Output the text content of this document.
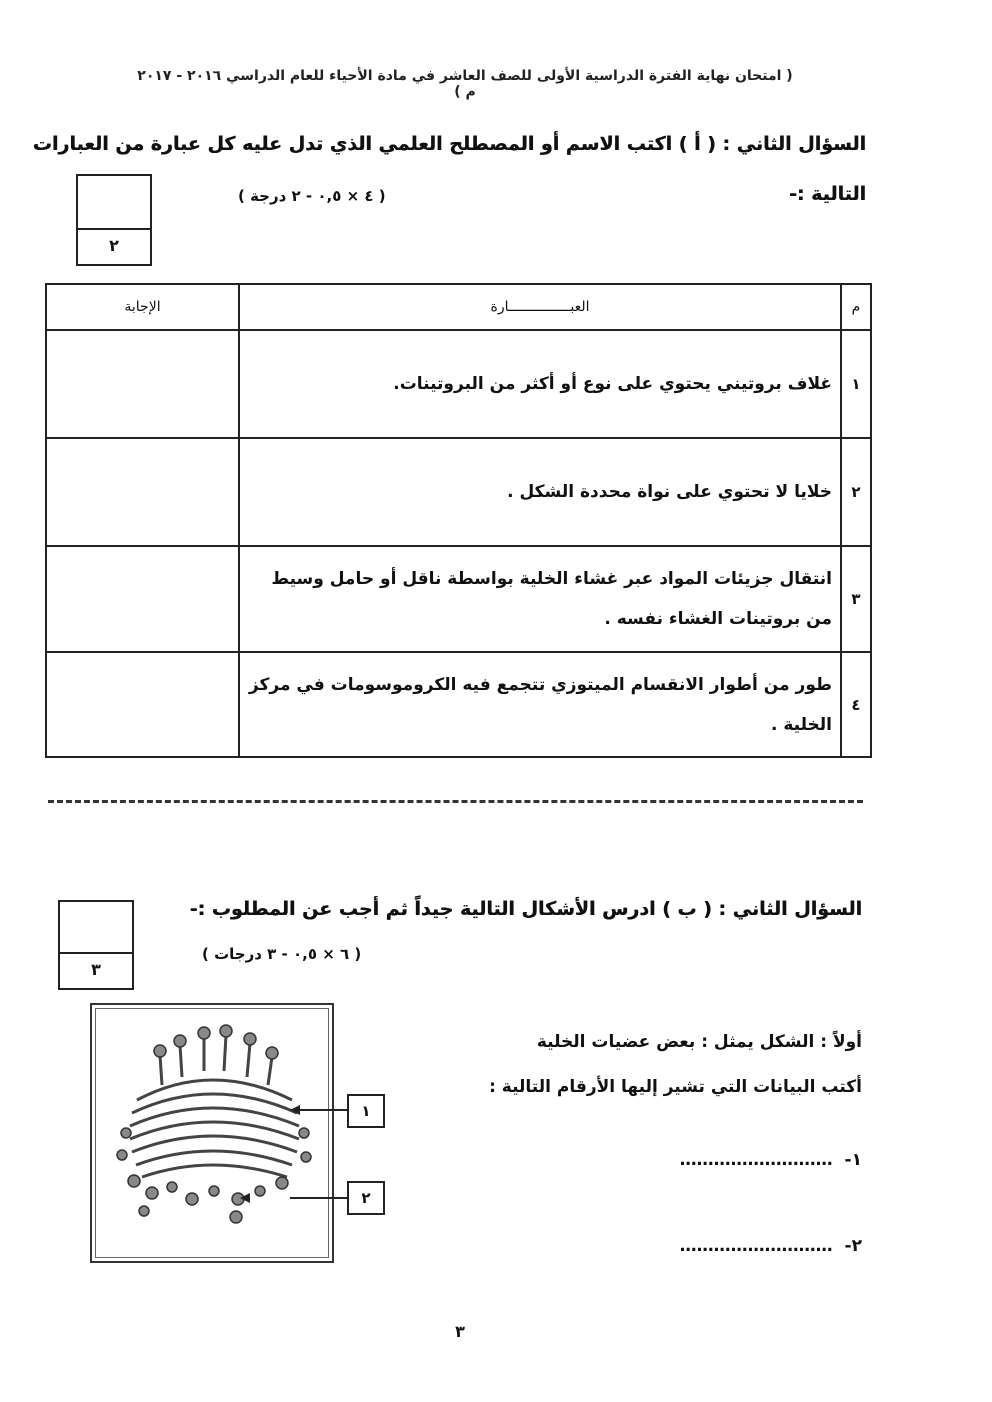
( امتحان نهاية الفترة الدراسية الأولى للصف العاشر في مادة الأحياء للعام الدراسي ٢٠١٦ - ٢٠١٧ م )
السؤال الثاني : ( أ ) اكتب الاسم أو المصطلح العلمي الذي تدل عليه كل عبارة من العبارات
التالية :-
( ٤ × ٠,٥ - ٢ درجة )
٢
م	العبـــــــــــــــارة	الإجابة
١	غلاف بروتيني يحتوي على نوع أو أكثر من البروتينات.	
٢	خلايا لا تحتوي على نواة محددة الشكل .	
٣	انتقال جزيئات المواد عبر غشاء الخلية بواسطة ناقل أو حامل وسيط من بروتينات الغشاء نفسه .	
٤	طور من أطوار الانقسام الميتوزي تتجمع فيه الكروموسومات في مركز الخلية .	
السؤال الثاني : ( ب ) ادرس الأشكال التالية جيداً ثم أجب عن المطلوب :-
( ٦ × ٠,٥ - ٣ درجات )
٣
١
٢
أولاً : الشكل يمثل : بعض عضيات الخلية
أكتب البيانات التي تشير إليها الأرقام التالية :
١- ………………………
٢- ………………………
٣
